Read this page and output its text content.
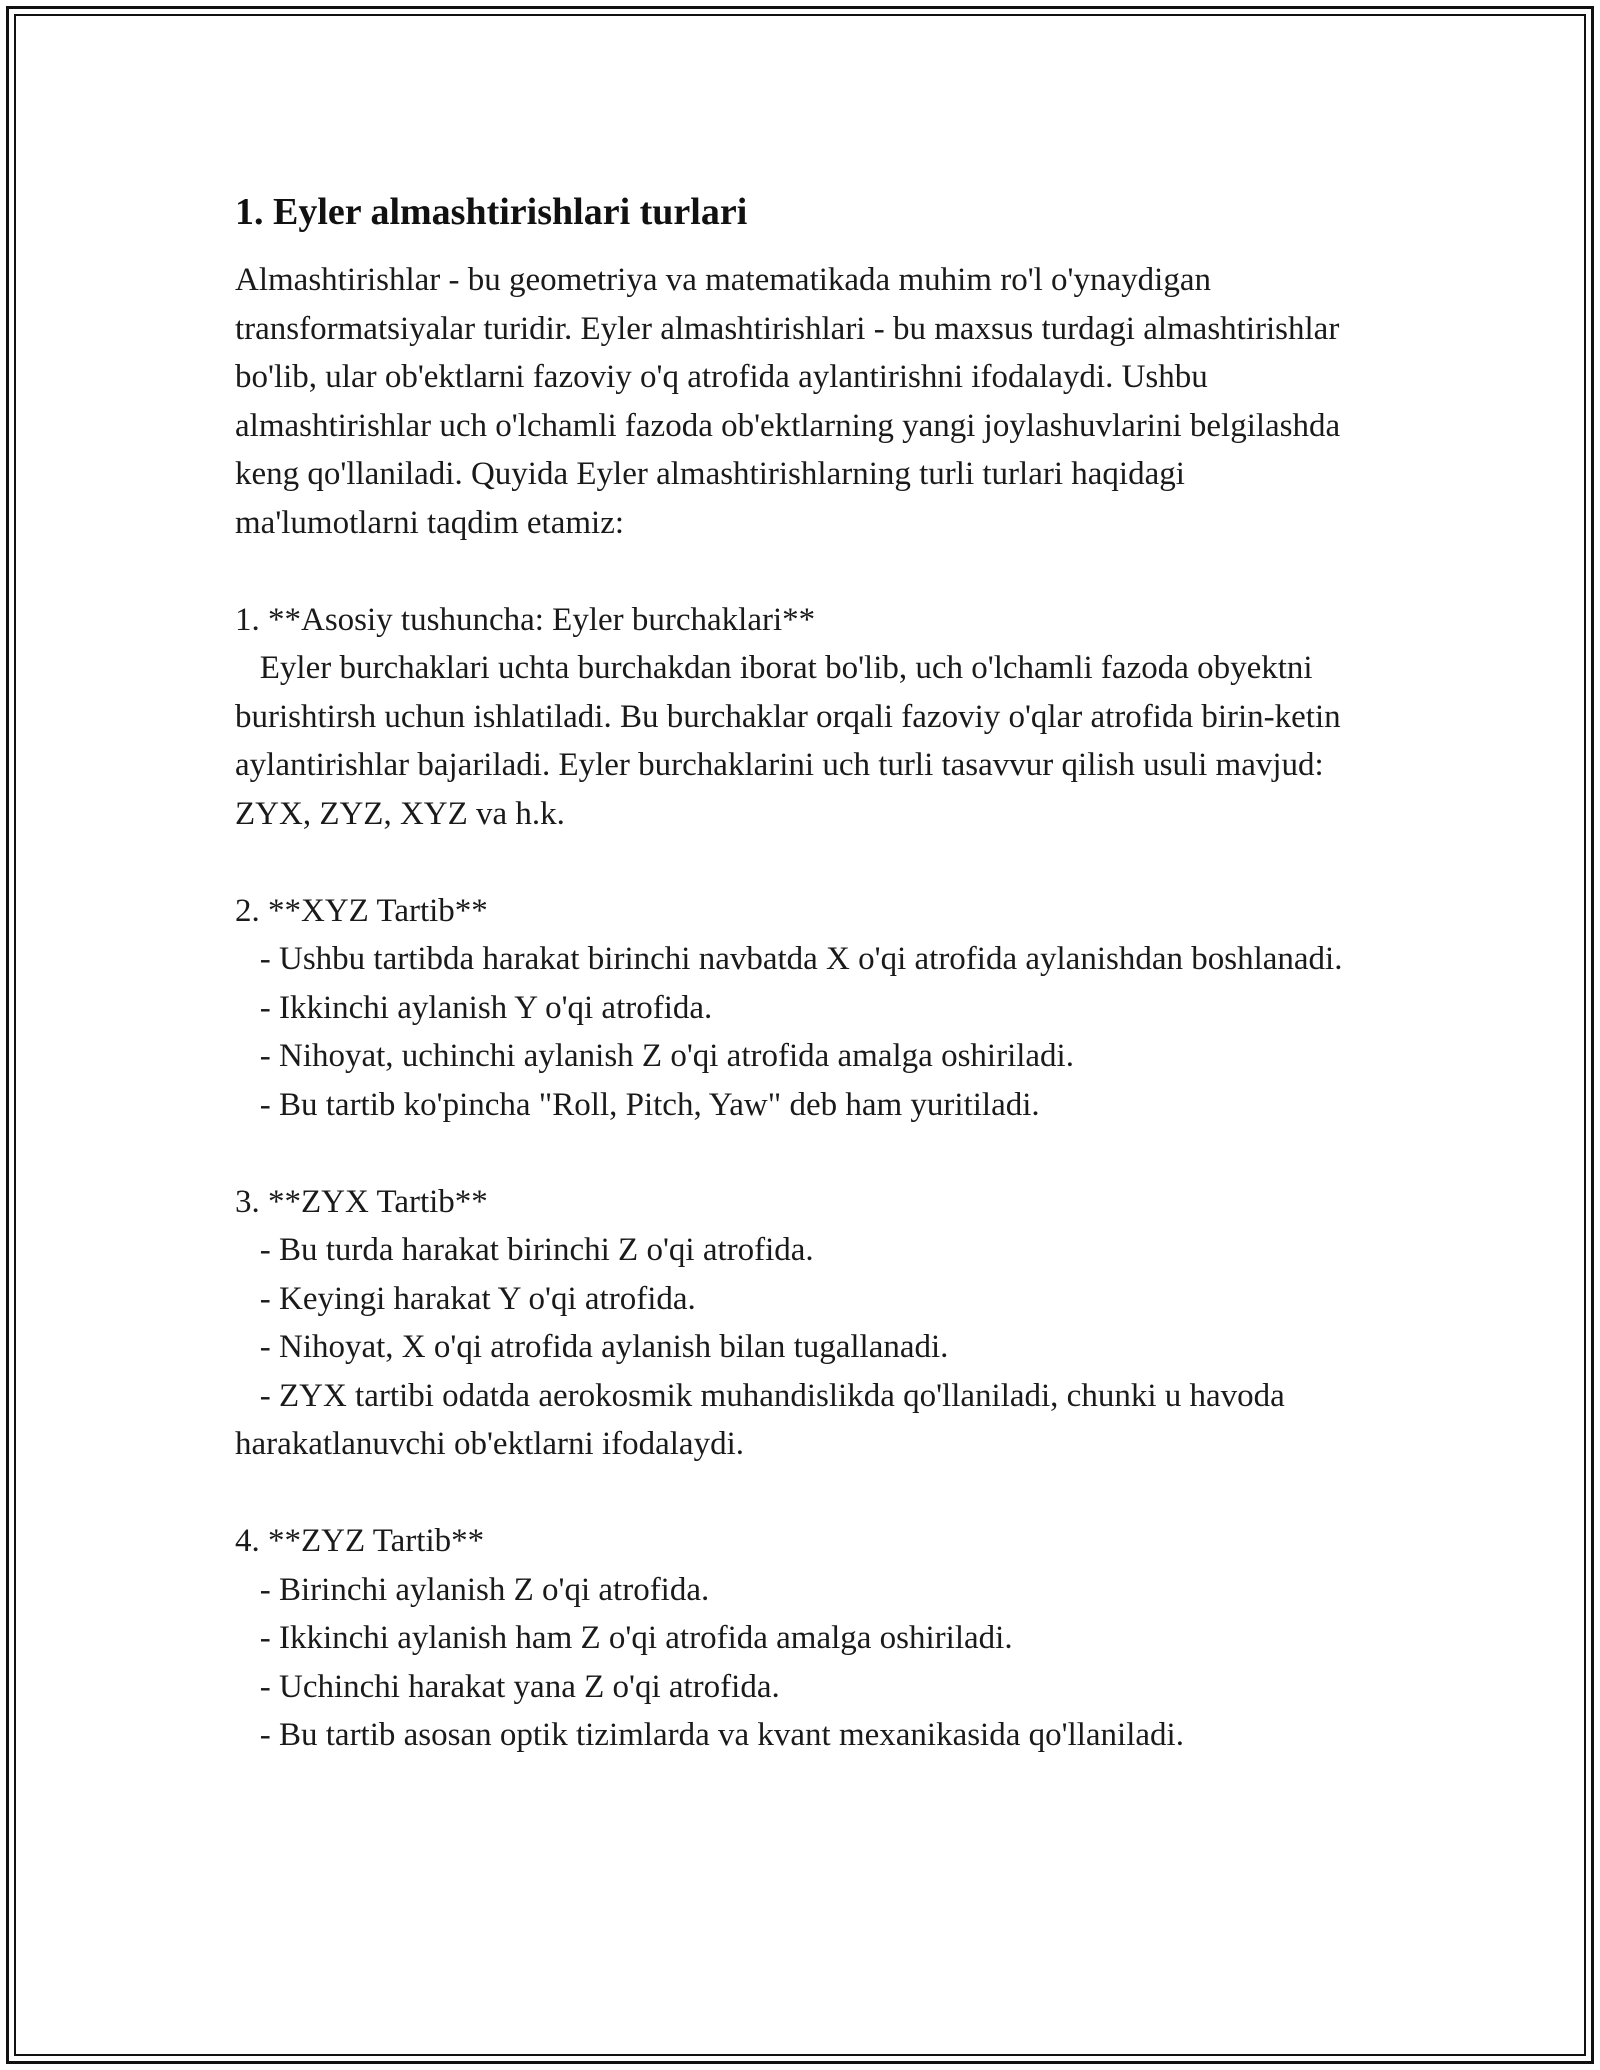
1. Eyler almashtirishlari turlari

Almashtirishlar - bu geometriya va matematikada muhim ro'l o'ynaydigan transformatsiyalar turidir. Eyler almashtirishlari - bu maxsus turdagi almashtirishlar bo'lib, ular ob'ektlarni fazoviy o'q atrofida aylantirishni ifodalaydi. Ushbu almashtirishlar uch o'lchamli fazoda ob'ektlarning yangi joylashuvlarini belgilashda keng qo'llaniladi. Quyida Eyler almashtirishlarning turli turlari haqidagi ma'lumotlarni taqdim etamiz:

1. **Asosiy tushuncha: Eyler burchaklari**

Eyler burchaklari uchta burchakdan iborat bo'lib, uch o'lchamli fazoda obyektni burishtirsh uchun ishlatiladi. Bu burchaklar orqali fazoviy o'qlar atrofida birin-ketin aylantirishlar bajariladi. Eyler burchaklarini uch turli tasavvur qilish usuli mavjud: ZYX, ZYZ, XYZ va h.k.

2. **XYZ Tartib**

- Ushbu tartibda harakat birinchi navbatda X o'qi atrofida aylanishdan boshlanadi.
- Ikkinchi aylanish Y o'qi atrofida.
- Nihoyat, uchinchi aylanish Z o'qi atrofida amalga oshiriladi.
- Bu tartib ko'pincha "Roll, Pitch, Yaw" deb ham yuritiladi.

3. **ZYX Tartib**

- Bu turda harakat birinchi Z o'qi atrofida.
- Keyingi harakat Y o'qi atrofida.
- Nihoyat, X o'qi atrofida aylanish bilan tugallanadi.
- ZYX tartibi odatda aerokosmik muhandislikda qo'llaniladi, chunki u havoda harakatlanuvchi ob'ektlarni ifodalaydi.

4. **ZYZ Tartib**

- Birinchi aylanish Z o'qi atrofida.
- Ikkinchi aylanish ham Z o'qi atrofida amalga oshiriladi.
- Uchinchi harakat yana Z o'qi atrofida.
- Bu tartib asosan optik tizimlarda va kvant mexanikasida qo'llaniladi.
